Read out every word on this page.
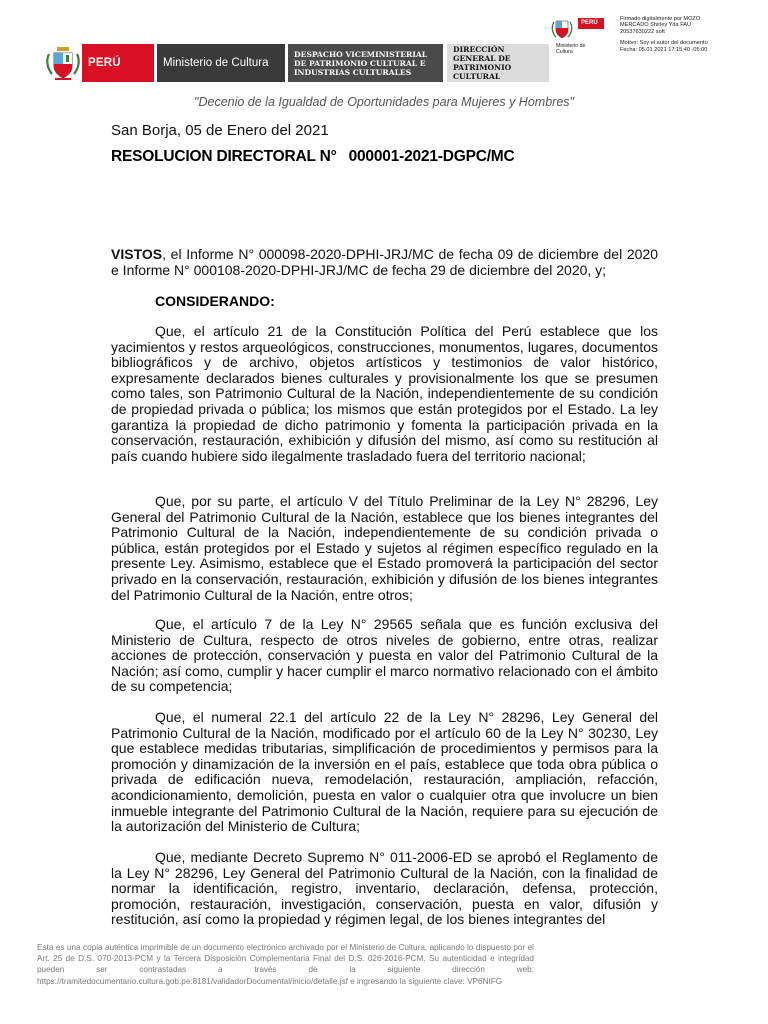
PERÚ	Ministerio de Cultura
DESPACHO VICEMINISTERIAL DE PATRIMONIO CULTURAL E INDUSTRIAS CULTURALES
DIRECCIÓN GENERAL DE PATRIMONIO CULTURAL
PERÚ
Ministerio de Cultura
Firmado digitalmente por MOZO
MERCADO Shirley Yda FAU
20537630222 soft
Motivo: Soy el autor del documento
Fecha: 05.01.2021 17:15:40 -05:00
"Decenio de la Igualdad de Oportunidades para Mujeres y Hombres"
San Borja, 05 de Enero del 2021
RESOLUCION DIRECTORAL N° 000001-2021-DGPC/MC
VISTOS, el Informe N° 000098-2020-DPHI-JRJ/MC de fecha 09 de diciembre del 2020 e Informe N° 000108-2020-DPHI-JRJ/MC de fecha 29 de diciembre del 2020, y;
CONSIDERANDO:
Que, el artículo 21 de la Constitución Política del Perú establece que los yacimientos y restos arqueológicos, construcciones, monumentos, lugares, documentos bibliográficos y de archivo, objetos artísticos y testimonios de valor histórico, expresamente declarados bienes culturales y provisionalmente los que se presumen como tales, son Patrimonio Cultural de la Nación, independientemente de su condición de propiedad privada o pública; los mismos que están protegidos por el Estado. La ley garantiza la propiedad de dicho patrimonio y fomenta la participación privada en la conservación, restauración, exhibición y difusión del mismo, así como su restitución al país cuando hubiere sido ilegalmente trasladado fuera del territorio nacional;
Que, por su parte, el artículo V del Título Preliminar de la Ley N° 28296, Ley General del Patrimonio Cultural de la Nación, establece que los bienes integrantes del Patrimonio Cultural de la Nación, independientemente de su condición privada o pública, están protegidos por el Estado y sujetos al régimen específico regulado en la presente Ley. Asimismo, establece que el Estado promoverá la participación del sector privado en la conservación, restauración, exhibición y difusión de los bienes integrantes del Patrimonio Cultural de la Nación, entre otros;
Que, el artículo 7 de la Ley N° 29565 señala que es función exclusiva del Ministerio de Cultura, respecto de otros niveles de gobierno, entre otras, realizar acciones de protección, conservación y puesta en valor del Patrimonio Cultural de la Nación; así como, cumplir y hacer cumplir el marco normativo relacionado con el ámbito de su competencia;
Que, el numeral 22.1 del artículo 22 de la Ley N° 28296, Ley General del Patrimonio Cultural de la Nación, modificado por el artículo 60 de la Ley N° 30230, Ley que establece medidas tributarias, simplificación de procedimientos y permisos para la promoción y dinamización de la inversión en el país, establece que toda obra pública o privada de edificación nueva, remodelación, restauración, ampliación, refacción, acondicionamiento, demolición, puesta en valor o cualquier otra que involucre un bien inmueble integrante del Patrimonio Cultural de la Nación, requiere para su ejecución de la autorización del Ministerio de Cultura;
Que, mediante Decreto Supremo N° 011-2006-ED se aprobó el Reglamento de la Ley N° 28296, Ley General del Patrimonio Cultural de la Nación, con la finalidad de normar la identificación, registro, inventario, declaración, defensa, protección, promoción, restauración, investigación, conservación, puesta en valor, difusión y restitución, así como la propiedad y régimen legal, de los bienes integrantes del
Esta es una copia auténtica imprimible de un documento electrónico archivado por el Ministerio de Cultura, aplicando lo dispuesto por el Art. 25 de D.S. 070-2013-PCM y la Tercera Disposición Complementaria Final del D.S. 026-2016-PCM. Su autenticidad e integridad pueden ser contrastadas a través de la siguiente dirección web: https://tramitedocumentario.cultura.gob.pe:8181/validadorDocumental/inicio/detalle.jsf e ingresando la siguiente clave: VP6NIFG
